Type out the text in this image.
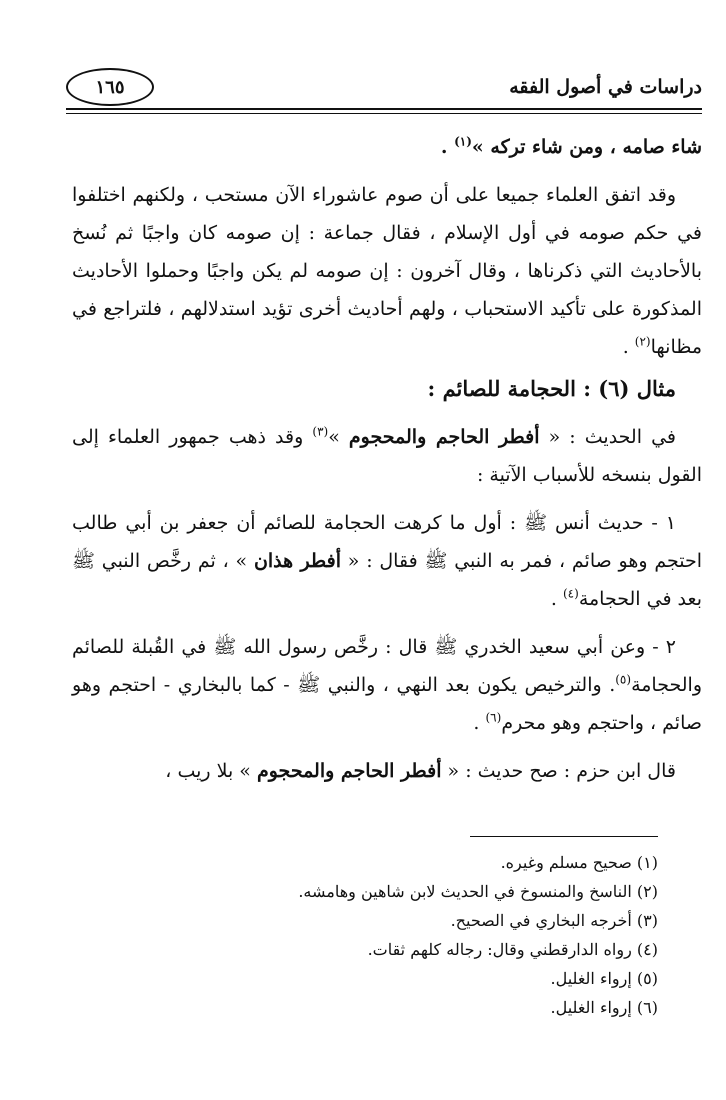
دراسات في أصول الفقه
١٦٥

شاء صامه ، ومن شاء تركه »$^{(١)}$ .

وقد اتفق العلماء جميعا على أن صوم عاشوراء الآن مستحب ، ولكنهم اختلفوا في حكم صومه في أول الإسلام ، فقال جماعة : إن صومه كان واجبًا ثم نُسخ بالأحاديث التي ذكرناها ، وقال آخرون : إن صومه لم يكن واجبًا وحملوا الأحاديث المذكورة على تأكيد الاستحباب ، ولهم أحاديث أخرى تؤيد استدلالهم ، فلتراجع في مظانها$^{(٢)}$ .

مثال (٦) : الحجامة للصائم :

في الحديث : « أفطر الحاجم والمحجوم »$^{(٣)}$ وقد ذهب جمهور العلماء إلى القول بنسخه للأسباب الآتية :

١ - حديث أنس ﷺ : أول ما كرهت الحجامة للصائم أن جعفر بن أبي طالب احتجم وهو صائم ، فمر به النبي ﷺ فقال : « أفطر هذان » ، ثم رخَّص النبي ﷺ بعد في الحجامة$^{(٤)}$ .

٢ - وعن أبي سعيد الخدري ﷺ قال : رخَّص رسول الله ﷺ في القُبلة للصائم والحجامة$^{(٥)}$. والترخيص يكون بعد النهي ، والنبي ﷺ - كما بالبخاري - احتجم وهو صائم ، واحتجم وهو محرم$^{(٦)}$ .

قال ابن حزم : صح حديث : « أفطر الحاجم والمحجوم » بلا ريب ،

(١) صحيح مسلم وغيره.
(٢) الناسخ والمنسوخ في الحديث لابن شاهين وهامشه.
(٣) أخرجه البخاري في الصحيح.
(٤) رواه الدارقطني وقال: رجاله كلهم ثقات.
(٥) إرواء الغليل.
(٦) إرواء الغليل.
